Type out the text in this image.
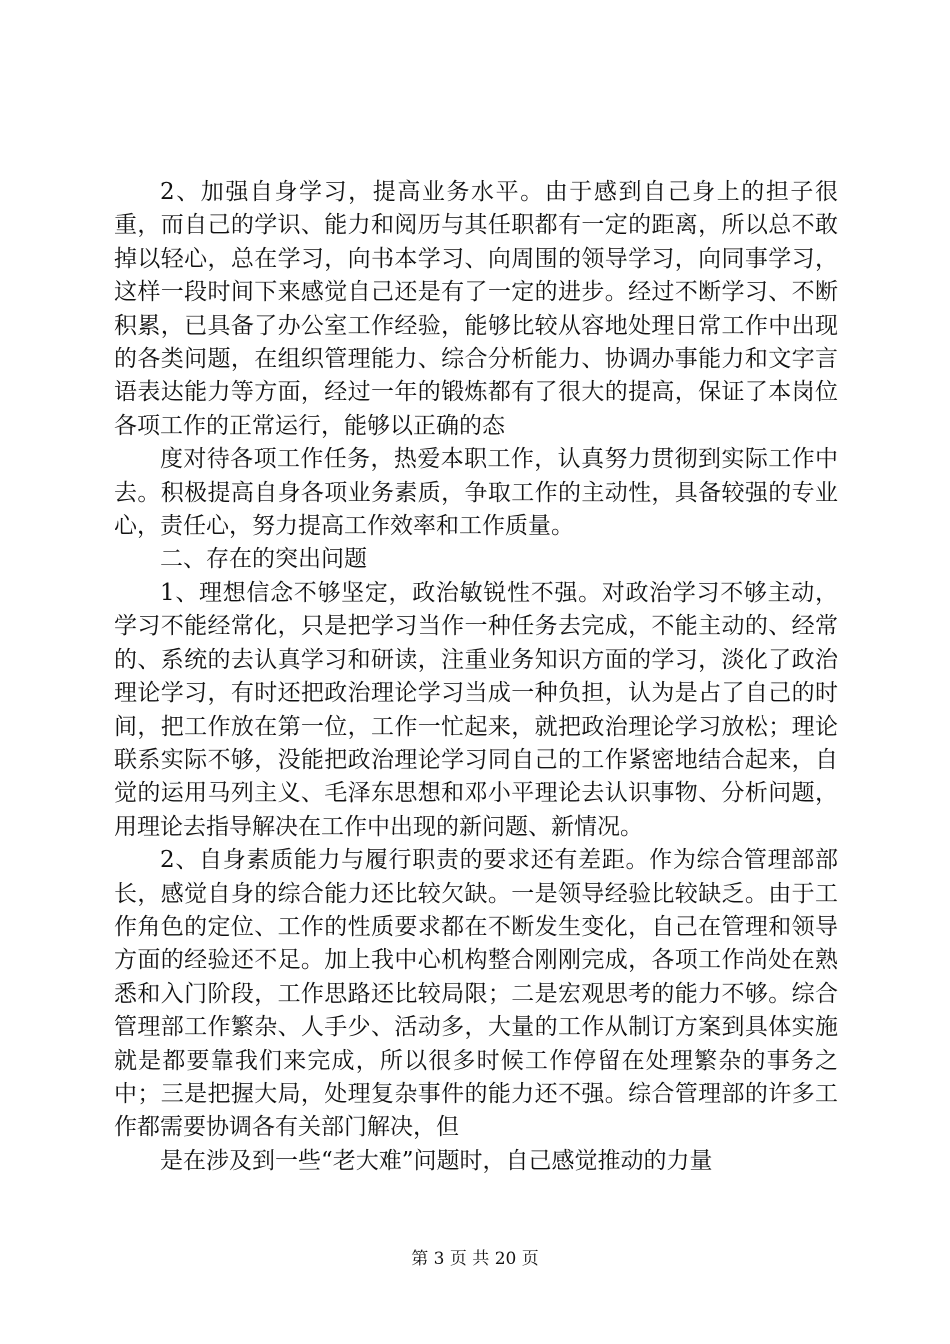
2、加强自身学习，提高业务水平。由于感到自己身上的担子很重，而自己的学识、能力和阅历与其任职都有一定的距离，所以总不敢掉以轻心，总在学习，向书本学习、向周围的领导学习，向同事学习，这样一段时间下来感觉自己还是有了一定的进步。经过不断学习、不断积累，已具备了办公室工作经验，能够比较从容地处理日常工作中出现的各类问题，在组织管理能力、综合分析能力、协调办事能力和文字言语表达能力等方面，经过一年的锻炼都有了很大的提高，保证了本岗位各项工作的正常运行，能够以正确的态

度对待各项工作任务，热爱本职工作，认真努力贯彻到实际工作中去。积极提高自身各项业务素质，争取工作的主动性，具备较强的专业心，责任心，努力提高工作效率和工作质量。

二、存在的突出问题

1、理想信念不够坚定，政治敏锐性不强。对政治学习不够主动，学习不能经常化，只是把学习当作一种任务去完成，不能主动的、经常的、系统的去认真学习和研读，注重业务知识方面的学习，淡化了政治理论学习，有时还把政治理论学习当成一种负担，认为是占了自己的时间，把工作放在第一位，工作一忙起来，就把政治理论学习放松；理论联系实际不够，没能把政治理论学习同自己的工作紧密地结合起来，自觉的运用马列主义、毛泽东思想和邓小平理论去认识事物、分析问题，用理论去指导解决在工作中出现的新问题、新情况。

2、自身素质能力与履行职责的要求还有差距。作为综合管理部部长，感觉自身的综合能力还比较欠缺。一是领导经验比较缺乏。由于工作角色的定位、工作的性质要求都在不断发生变化，自己在管理和领导方面的经验还不足。加上我中心机构整合刚刚完成，各项工作尚处在熟悉和入门阶段，工作思路还比较局限；二是宏观思考的能力不够。综合管理部工作繁杂、人手少、活动多，大量的工作从制订方案到具体实施就是都要靠我们来完成，所以很多时候工作停留在处理繁杂的事务之中；三是把握大局，处理复杂事件的能力还不强。综合管理部的许多工作都需要协调各有关部门解决，但

是在涉及到一些“老大难”问题时，自己感觉推动的力量

第 3 页 共 20 页
